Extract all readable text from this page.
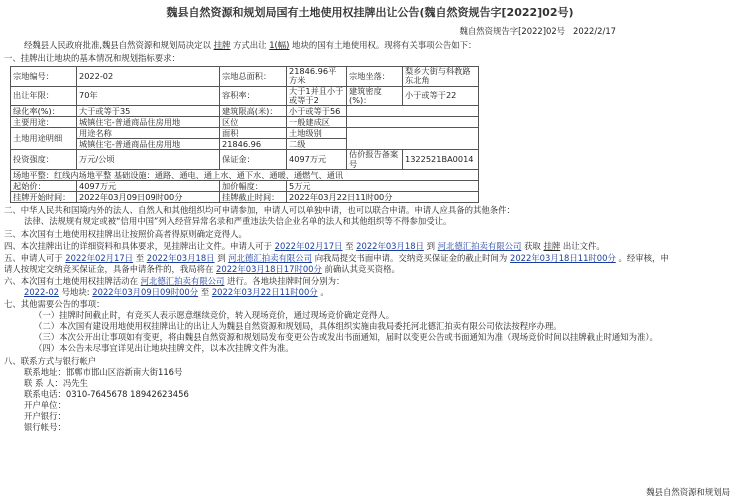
魏县自然资源和规划局国有土地使用权挂牌出让公告(魏自然资规告字[2022]02号)
魏自然资规告字[2022]02号 2022/2/17
经魏县人民政府批准,魏县自然资源和规划局决定以 挂牌 方式出让 1(幅) 地块的国有土地使用权。现将有关事项公告如下：
一、挂牌出让地块的基本情况和规划指标要求：
宗地编号：	2022-02	宗地总面积：	21846.96平方米	宗地坐落：	梨乡大街与科教路东北角
出让年限：	70年	容积率：	大于1并且小于或等于2	建筑密度(%)：	小于或等于22
绿化率(%)：	大于或等于35	建筑限高(米)：	小于或等于56		
主要用途：	城镇住宅-普通商品住房用地	区位	一般建成区		
土地用途明细	用途名称	面积	土地级别		
	城镇住宅-普通商品住房用地	21846.96	二级		
投资强度：	万元/公顷	保证金：	4097万元	估价报告备案号	1322521BA0014
场地平整：红线内场地平整 基础设施：通路、通电、通上水、通下水、通暖、通燃气、通讯					
起始价：	4097万元	加价幅度：	5万元		
挂牌开始时间：	2022年03月09日09时00分	挂牌截止时间：	2022年03月22日11时00分		
二、中华人民共和国境内外的法人、自然人和其他组织均可申请参加，申请人可以单独申请，也可以联合申请。申请人应具备的其他条件：
法律、法规规有规定或被“信用中国”列入经营异常名录和严重违法失信企业名单的法人和其他组织等不得参加受让。
三、本次国有土地使用权挂牌出让按照价高者得原则确定竞得人。
四、本次挂牌出让的详细资料和具体要求，见挂牌出让文件。申请人可于 2022年02月17日 至 2022年03月18日 到 河北德汇拍卖有限公司 获取 挂牌 出让文件。
五、申请人可于 2022年02月17日 至 2022年03月18日 到 河北德汇拍卖有限公司 向我局提交书面申请。交纳竞买保证金的截止时间为 2022年03月18日11时00分 。经审核，申
请人按规定交纳竞买保证金，具备申请条件的，我局将在 2022年03月18日17时00分 前确认其竞买资格。
六、本次国有土地使用权挂牌活动在 河北德汇拍卖有限公司 进行。各地块挂牌时间分别为：
2022-02 号地块: 2022年03月09日09时00分 至 2022年03月22日11时00分 。
七、其他需要公告的事项：
（一）挂牌时间截止时，有竞买人表示愿意继续竞价，转入现场竞价，通过现场竞价确定竞得人。
（二）本次国有建设用地使用权挂牌出让的出让人为魏县自然资源和规划局，具体组织实施由我局委托河北德汇拍卖有限公司依法按程序办理。
（三）本次公开出让事项如有变更，将由魏县自然资源和规划局发布变更公告或发出书面通知，届时以变更公告或书面通知为准（现场竞价时间以挂牌截止时通知为准）。
（四）本公告未尽事宜详见出让地块挂牌文件，以本次挂牌文件为准。
八、联系方式与银行帐户
联系地址：邯郸市邯山区浴新南大街116号
联 系 人：冯先生
联系电话：0310-7645678 18942623456
开户单位：
开户银行：
银行帐号：
魏县自然资源和规划局
